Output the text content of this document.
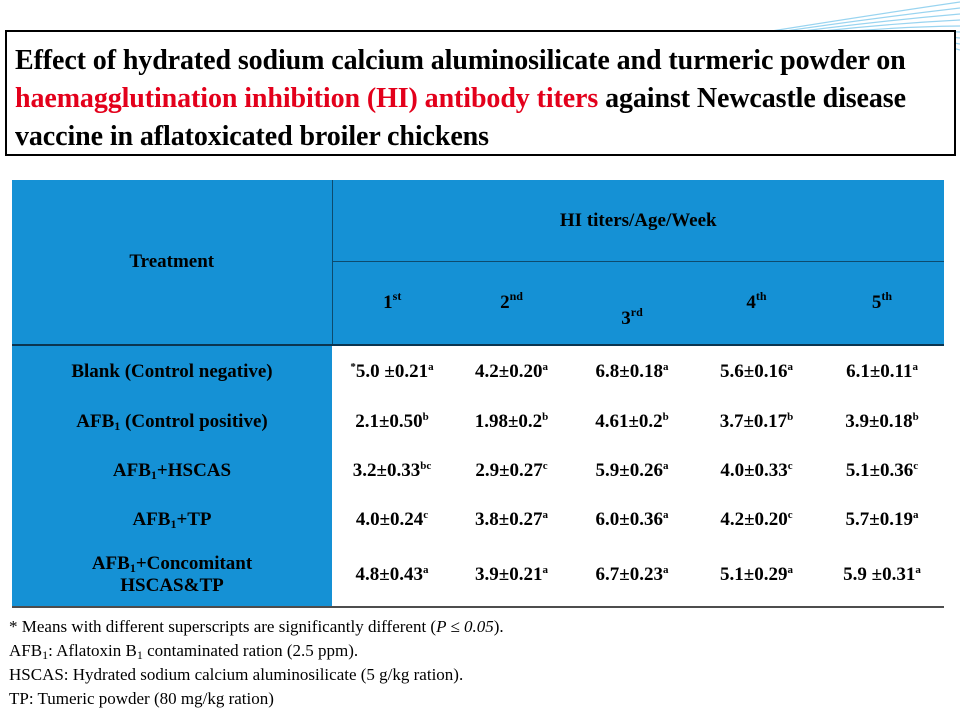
Effect of hydrated sodium calcium aluminosilicate and turmeric powder on haemagglutination inhibition (HI) antibody titers against Newcastle disease vaccine in aflatoxicated broiler chickens
Treatment	HI titers/Age/Week				
	1st	2nd	3rd	4th	5th
Blank (Control negative)	*5.0 ±0.21$^a$	4.2±0.20$^a$	6.8±0.18$^a$	5.6±0.16$^a$	6.1±0.11$^a$
$AFB_1$ (Control positive)	2.1±0.50$^b$	1.98±0.2$^b$	4.61±0.2$^b$	3.7±0.17$^b$	3.9±0.18$^b$
$AFB_1+HSCAS$	3.2±0.33$^{bc}$	2.9±0.27$^c$	5.9±0.26$^a$	4.0±0.33$^c$	5.1±0.36$^c$
$AFB_1+TP$	4.0±0.24$^c$	3.8±0.27$^a$	6.0±0.36$^a$	4.2±0.20$^c$	5.7±0.19$^a$
$AFB_1+Concomitant$
HSCAS&TP	4.8±0.43$^a$	3.9±0.21$^a$	6.7±0.23$^a$	5.1±0.29$^a$	5.9 ±0.31$^a$
* Means with different superscripts are significantly different (P ≤ 0.05).
$AFB_1$: Aflatoxin $B_1$ contaminated ration (2.5 ppm).
HSCAS: Hydrated sodium calcium aluminosilicate (5 g/kg ration).
TP: Tumeric powder (80 mg/kg ration)
